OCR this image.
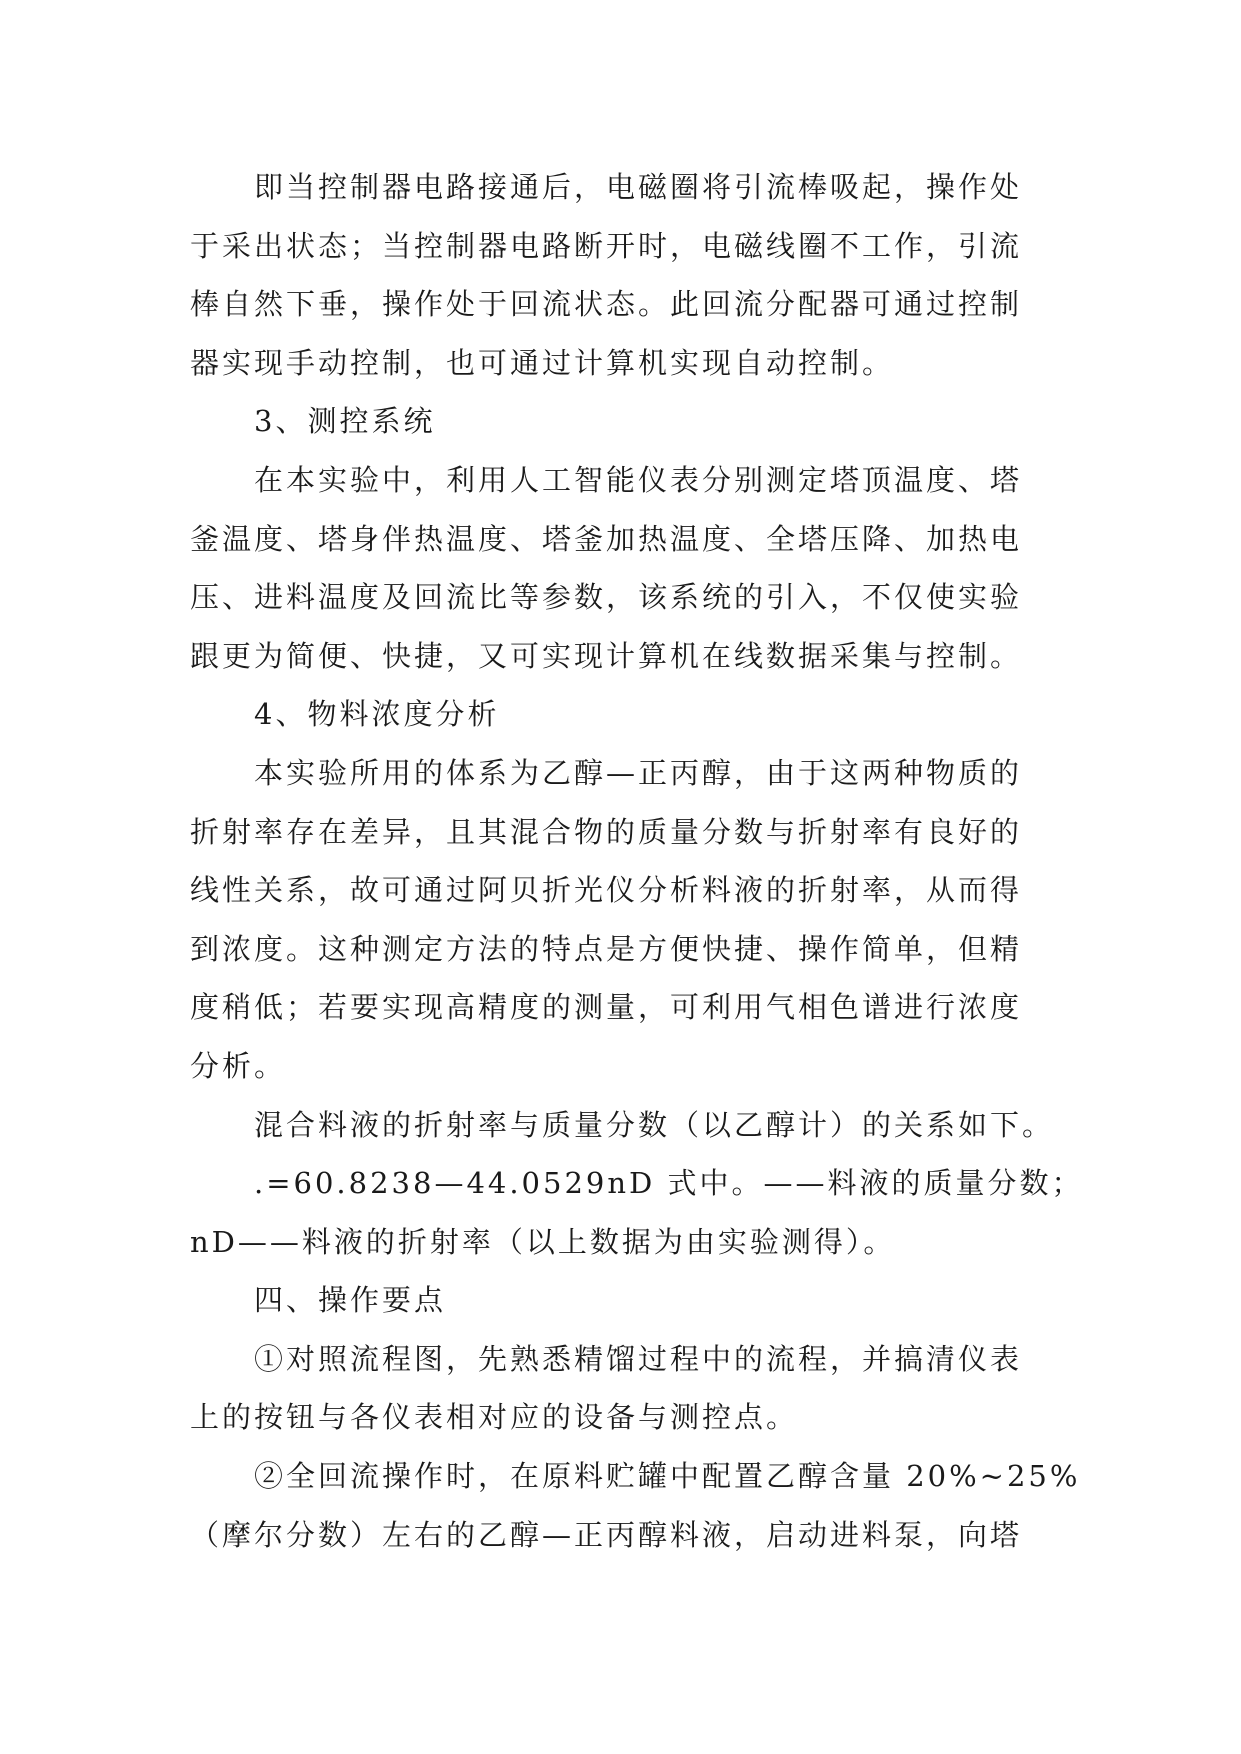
即当控制器电路接通后，电磁圈将引流棒吸起，操作处
于采出状态；当控制器电路断开时，电磁线圈不工作，引流
棒自然下垂，操作处于回流状态。此回流分配器可通过控制
器实现手动控制，也可通过计算机实现自动控制。
3、测控系统
在本实验中，利用人工智能仪表分别测定塔顶温度、塔
釜温度、塔身伴热温度、塔釜加热温度、全塔压降、加热电
压、进料温度及回流比等参数，该系统的引入，不仅使实验
跟更为简便、快捷，又可实现计算机在线数据采集与控制。
4、物料浓度分析
本实验所用的体系为乙醇—正丙醇，由于这两种物质的
折射率存在差异，且其混合物的质量分数与折射率有良好的
线性关系，故可通过阿贝折光仪分析料液的折射率，从而得
到浓度。这种测定方法的特点是方便快捷、操作简单，但精
度稍低；若要实现高精度的测量，可利用气相色谱进行浓度
分析。
混合料液的折射率与质量分数（以乙醇计）的关系如下。
.=60.8238—44.0529nD 式中。——料液的质量分数；
nD——料液的折射率（以上数据为由实验测得）。
四、操作要点
①对照流程图，先熟悉精馏过程中的流程，并搞清仪表
上的按钮与各仪表相对应的设备与测控点。
②全回流操作时，在原料贮罐中配置乙醇含量 20%~25%
（摩尔分数）左右的乙醇—正丙醇料液，启动进料泵，向塔
